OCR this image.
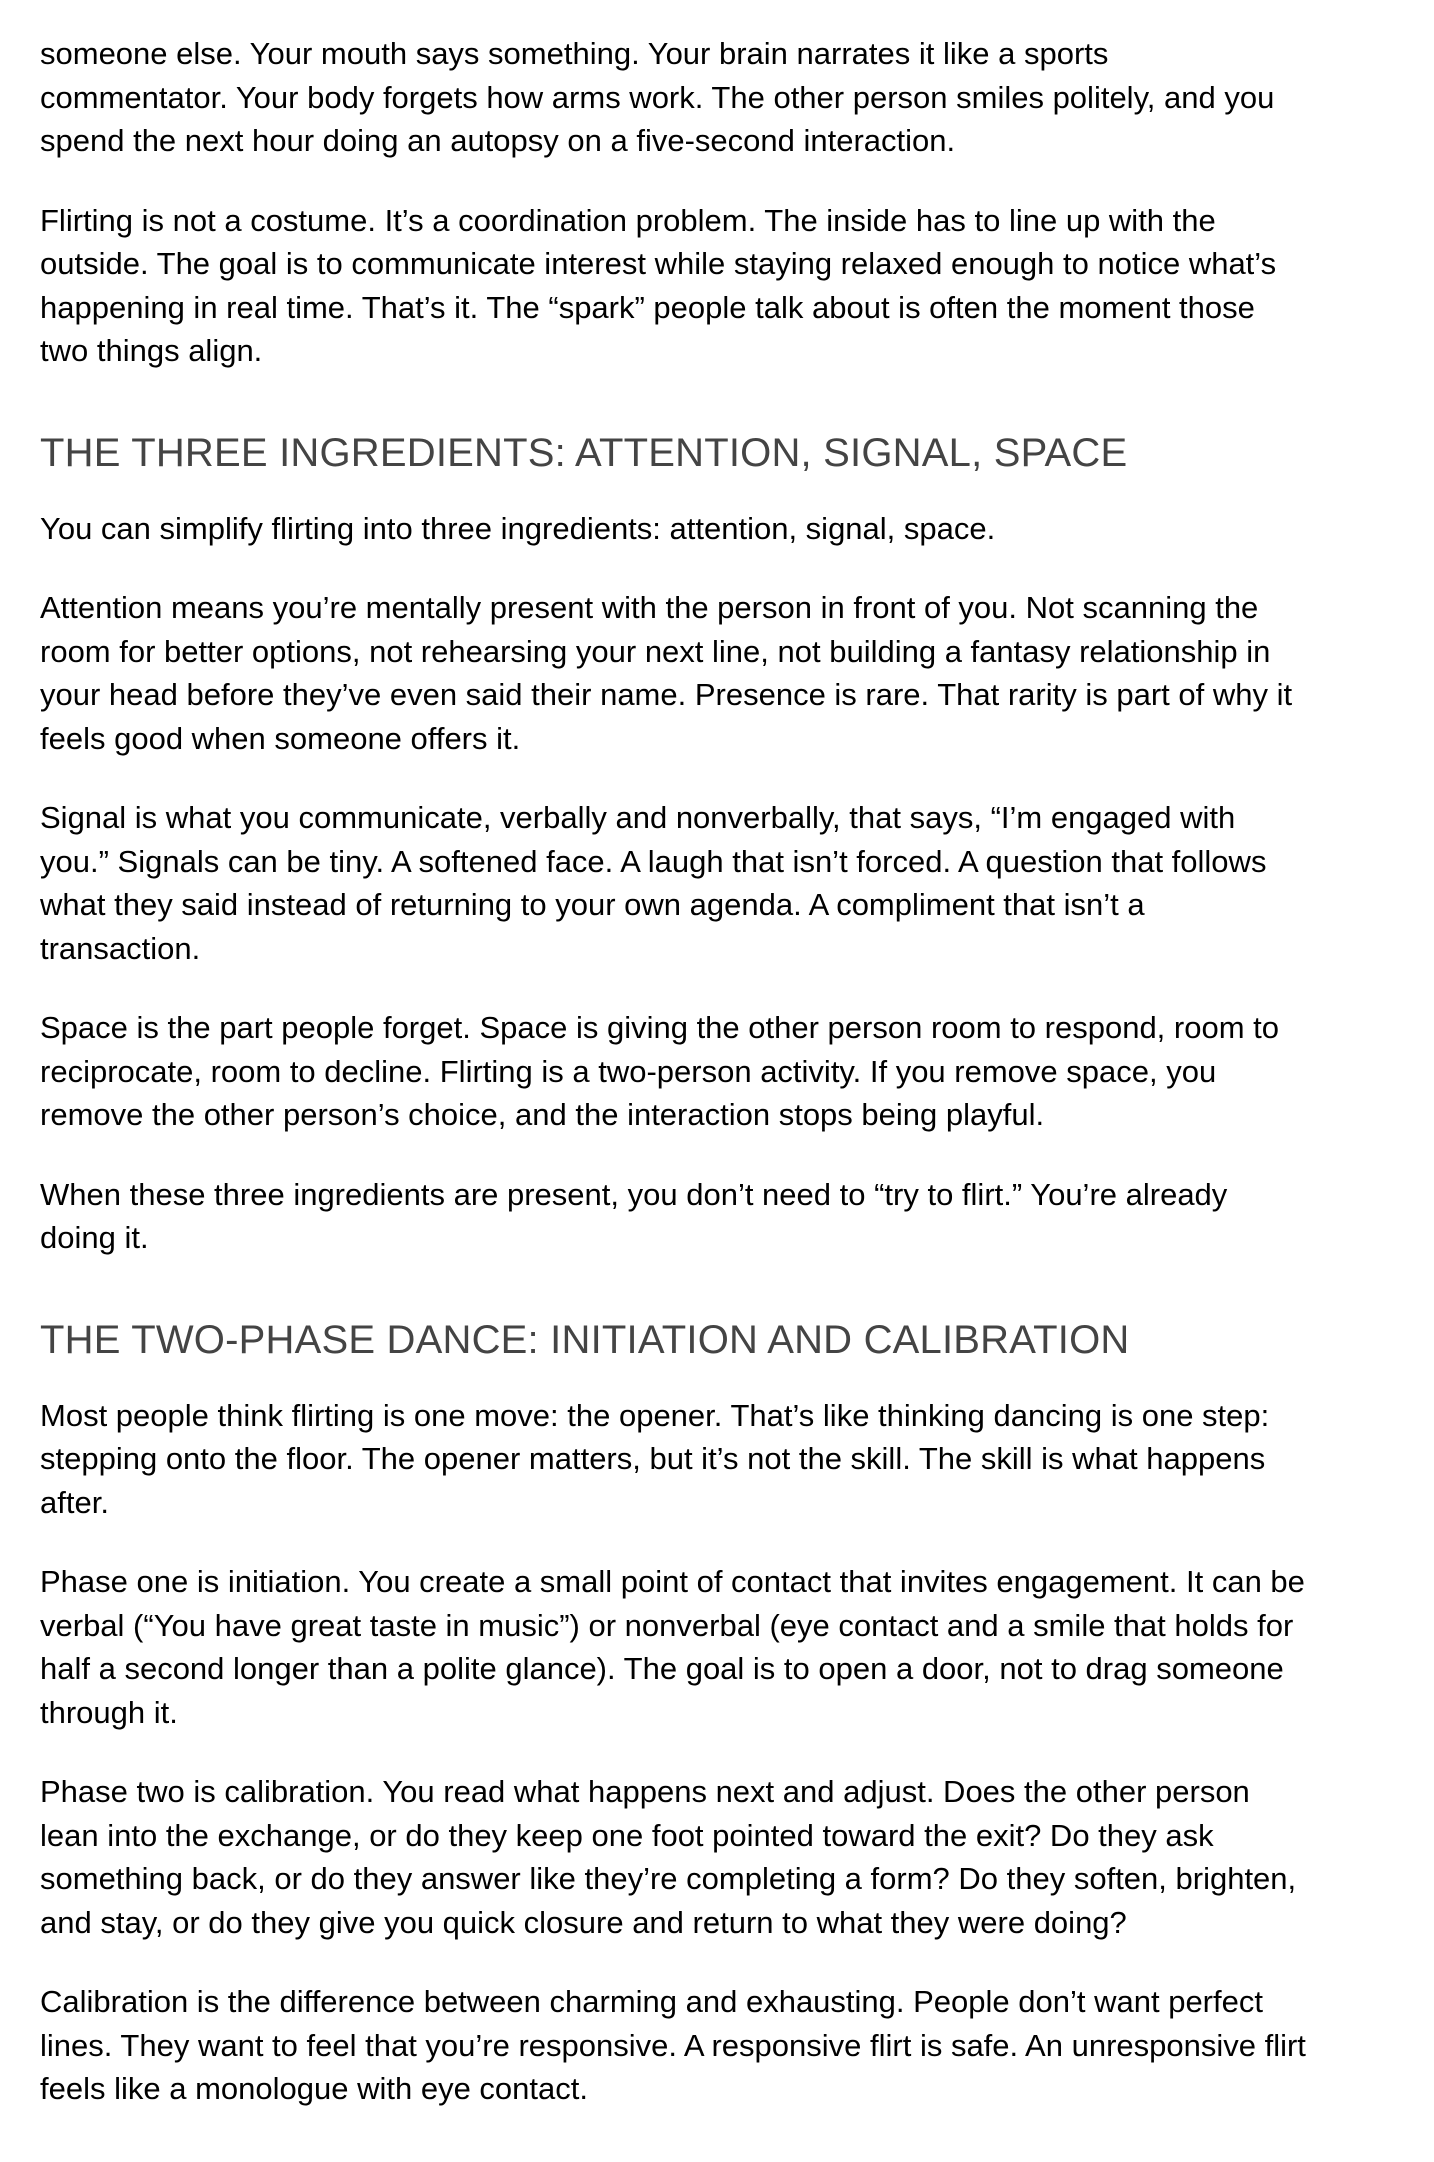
someone else. Your mouth says something. Your brain narrates it like a sports
commentator. Your body forgets how arms work. The other person smiles politely, and you
spend the next hour doing an autopsy on a five-second interaction.

Flirting is not a costume. It’s a coordination problem. The inside has to line up with the
outside. The goal is to communicate interest while staying relaxed enough to notice what’s
happening in real time. That’s it. The “spark” people talk about is often the moment those
two things align.

THE THREE INGREDIENTS: ATTENTION, SIGNAL, SPACE

You can simplify flirting into three ingredients: attention, signal, space.

Attention means you’re mentally present with the person in front of you. Not scanning the
room for better options, not rehearsing your next line, not building a fantasy relationship in
your head before they’ve even said their name. Presence is rare. That rarity is part of why it
feels good when someone offers it.

Signal is what you communicate, verbally and nonverbally, that says, “I’m engaged with
you.” Signals can be tiny. A softened face. A laugh that isn’t forced. A question that follows
what they said instead of returning to your own agenda. A compliment that isn’t a
transaction.

Space is the part people forget. Space is giving the other person room to respond, room to
reciprocate, room to decline. Flirting is a two-person activity. If you remove space, you
remove the other person’s choice, and the interaction stops being playful.

When these three ingredients are present, you don’t need to “try to flirt.” You’re already
doing it.

THE TWO-PHASE DANCE: INITIATION AND CALIBRATION

Most people think flirting is one move: the opener. That’s like thinking dancing is one step:
stepping onto the floor. The opener matters, but it’s not the skill. The skill is what happens
after.

Phase one is initiation. You create a small point of contact that invites engagement. It can be
verbal (“You have great taste in music”) or nonverbal (eye contact and a smile that holds for
half a second longer than a polite glance). The goal is to open a door, not to drag someone
through it.

Phase two is calibration. You read what happens next and adjust. Does the other person
lean into the exchange, or do they keep one foot pointed toward the exit? Do they ask
something back, or do they answer like they’re completing a form? Do they soften, brighten,
and stay, or do they give you quick closure and return to what they were doing?

Calibration is the difference between charming and exhausting. People don’t want perfect
lines. They want to feel that you’re responsive. A responsive flirt is safe. An unresponsive flirt
feels like a monologue with eye contact.
